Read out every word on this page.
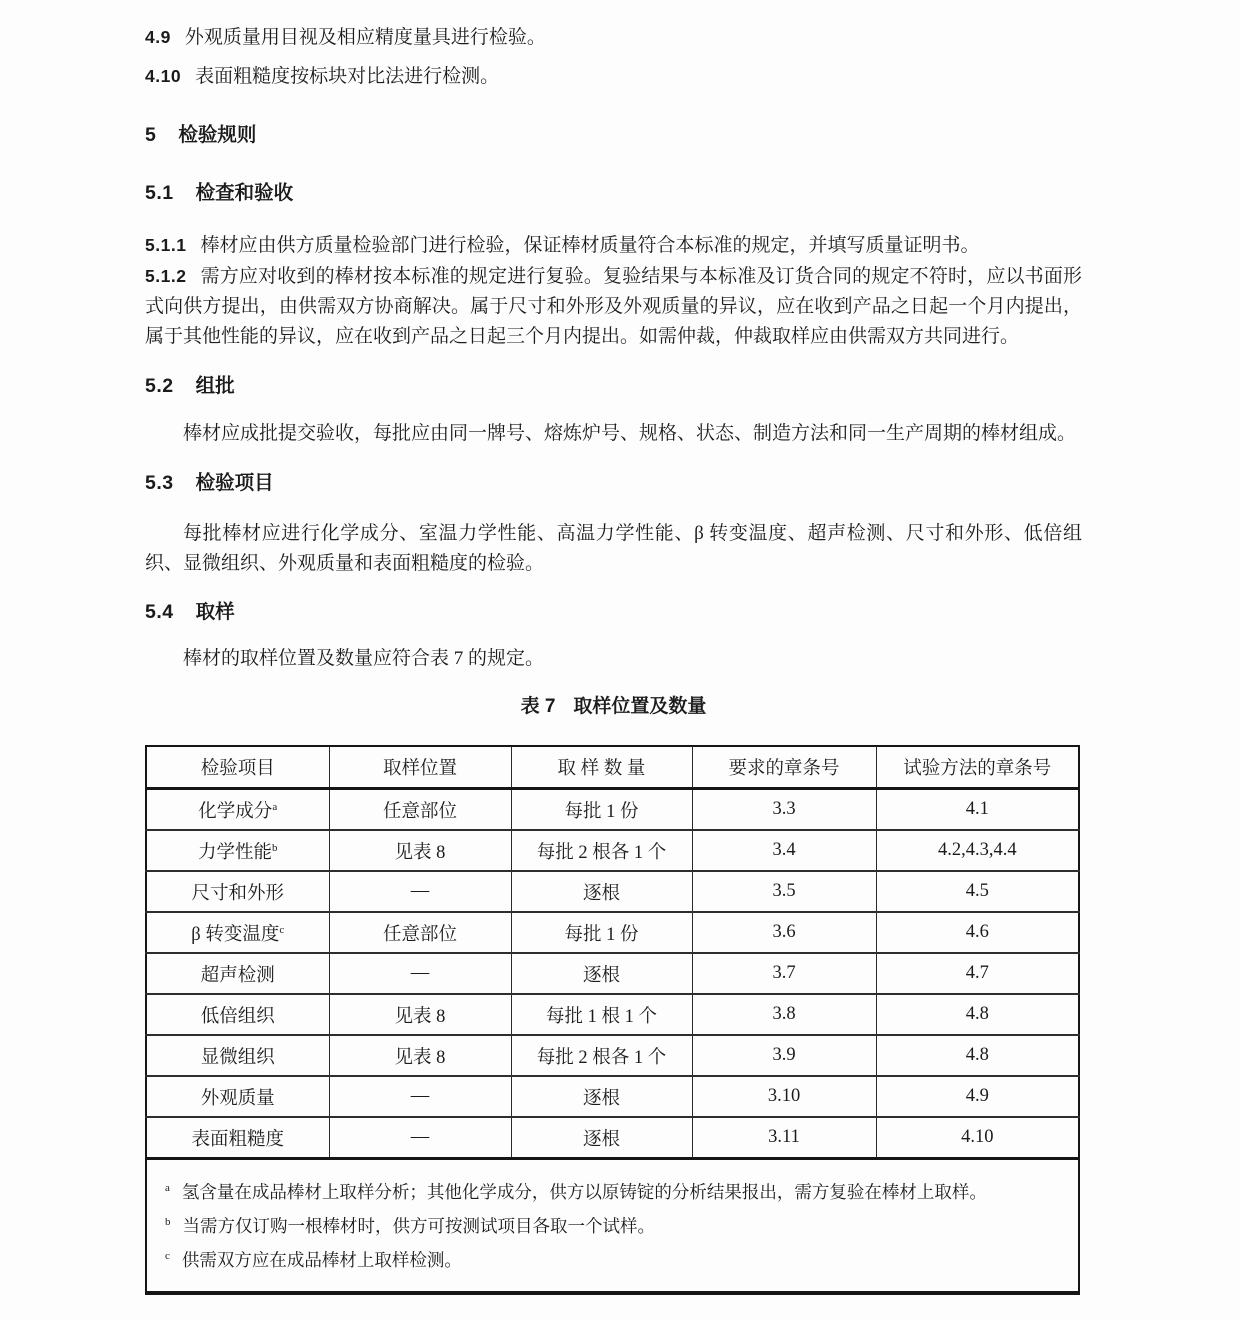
4.9 外观质量用目视及相应精度量具进行检验。

4.10 表面粗糙度按标块对比法进行检测。

5 检验规则
5.1 检查和验收

5.1.1 棒材应由供方质量检验部门进行检验，保证棒材质量符合本标准的规定，并填写质量证明书。

5.1.2 需方应对收到的棒材按本标准的规定进行复验。复验结果与本标准及订货合同的规定不符时，应以书面形式向供方提出，由供需双方协商解决。属于尺寸和外形及外观质量的异议，应在收到产品之日起一个月内提出，属于其他性能的异议，应在收到产品之日起三个月内提出。如需仲裁，仲裁取样应由供需双方共同进行。

5.2 组批

棒材应成批提交验收，每批应由同一牌号、熔炼炉号、规格、状态、制造方法和同一生产周期的棒材组成。

5.3 检验项目

每批棒材应进行化学成分、室温力学性能、高温力学性能、β 转变温度、超声检测、尺寸和外形、低倍组织、显微组织、外观质量和表面粗糙度的检验。

5.4 取样

棒材的取样位置及数量应符合表 7 的规定。

表 7 取样位置及数量

检验项目	取样位置	取 样 数 量	要求的章条号	试验方法的章条号
化学成分$^a$	任意部位	每批 1 份	3.3	4.1
力学性能$^b$	见表 8	每批 2 根各 1 个	3.4	4.2,4.3,4.4
尺寸和外形	—	逐根	3.5	4.5
β 转变温度$^c$	任意部位	每批 1 份	3.6	4.6
超声检测	—	逐根	3.7	4.7
低倍组织	见表 8	每批 1 根 1 个	3.8	4.8
显微组织	见表 8	每批 2 根各 1 个	3.9	4.8
外观质量	—	逐根	3.10	4.9
表面粗糙度	—	逐根	3.11	4.10

$^a$ 氢含量在成品棒材上取样分析；其他化学成分，供方以原铸锭的分析结果报出，需方复验在棒材上取样。
$^b$ 当需方仅订购一根棒材时，供方可按测试项目各取一个试样。
$^c$ 供需双方应在成品棒材上取样检测。				
